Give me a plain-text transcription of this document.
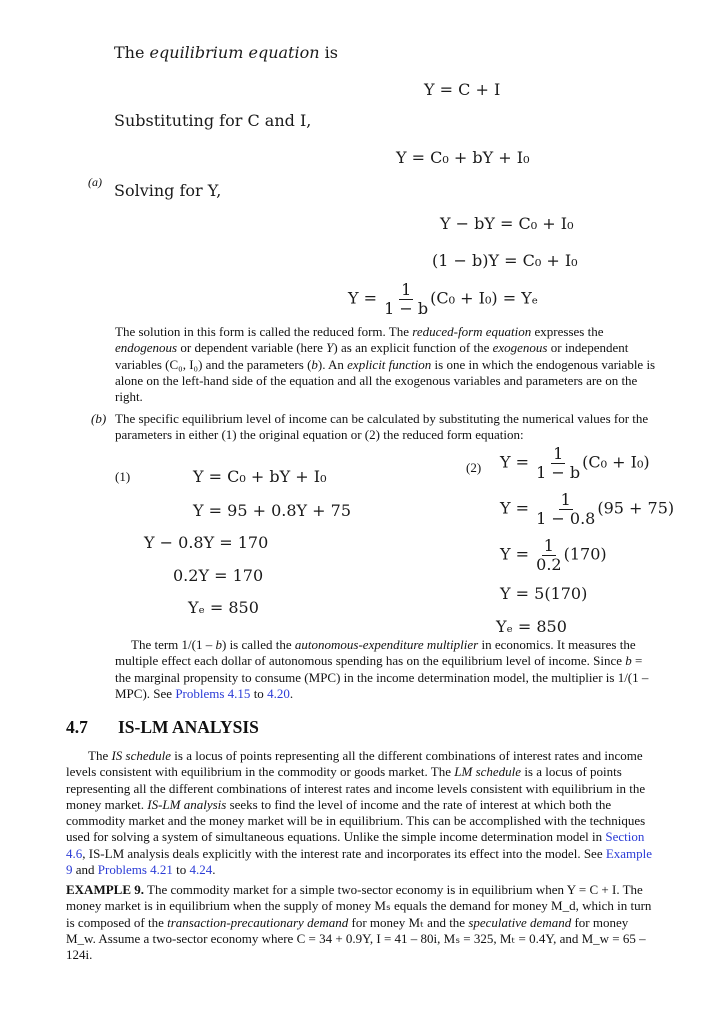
The equilibrium equation is
Y = C + I
Substituting for C and I,
Y = C₀ + bY + I₀
(a) Solving for Y,
Y − bY = C₀ + I₀
(1 − b)Y = C₀ + I₀
$Y = \frac{1}{1 - b} (C_0 + I_0) = Y_e$
The solution in this form is called the reduced form. The reduced-form equation expresses the endogenous or dependent variable (here Y) as an explicit function of the exogenous or independent variables (C₀, I₀) and the parameters (b). An explicit function is one in which the endogenous variable is alone on the left-hand side of the equation and all the exogenous variables and parameters are on the right.
(b) The specific equilibrium level of income can be calculated by substituting the numerical values for the parameters in either (1) the original equation or (2) the reduced form equation:
(1)	Y = C₀ + bY + I₀
Y = 95 + 0.8Y + 75
Y − 0.8Y = 170
0.2Y = 170
Yₑ = 850
(2) $Y = \frac{1}{1 - b} (C_0 + I_0)$
$Y = \frac{1}{1 - 0.8} (95 + 75)$
$Y = \frac{1}{0.2} (170)$
Y = 5(170)
Yₑ = 850
The term 1/(1 – b) is called the autonomous-expenditure multiplier in economics. It measures the multiple effect each dollar of autonomous spending has on the equilibrium level of income. Since b = the marginal propensity to consume (MPC) in the income determination model, the multiplier is 1/(1 – MPC). See Problems 4.15 to 4.20.
4.7 IS-LM ANALYSIS
The IS schedule is a locus of points representing all the different combinations of interest rates and income levels consistent with equilibrium in the commodity or goods market. The LM schedule is a locus of points representing all the different combinations of interest rates and income levels consistent with equilibrium in the money market. IS-LM analysis seeks to find the level of income and the rate of interest at which both the commodity market and the money market will be in equilibrium. This can be accomplished with the techniques used for solving a system of simultaneous equations. Unlike the simple income determination model in Section 4.6, IS-LM analysis deals explicitly with the interest rate and incorporates its effect into the model. See Example 9 and Problems 4.21 to 4.24.
EXAMPLE 9. The commodity market for a simple two-sector economy is in equilibrium when Y = C + I. The money market is in equilibrium when the supply of money Mₛ equals the demand for money M_d, which in turn is composed of the transaction-precautionary demand for money Mₜ and the speculative demand for money M_w. Assume a two-sector economy where C = 34 + 0.9Y, I = 41 – 80i, Mₛ = 325, Mₜ = 0.4Y, and M_w = 65 – 124i.
